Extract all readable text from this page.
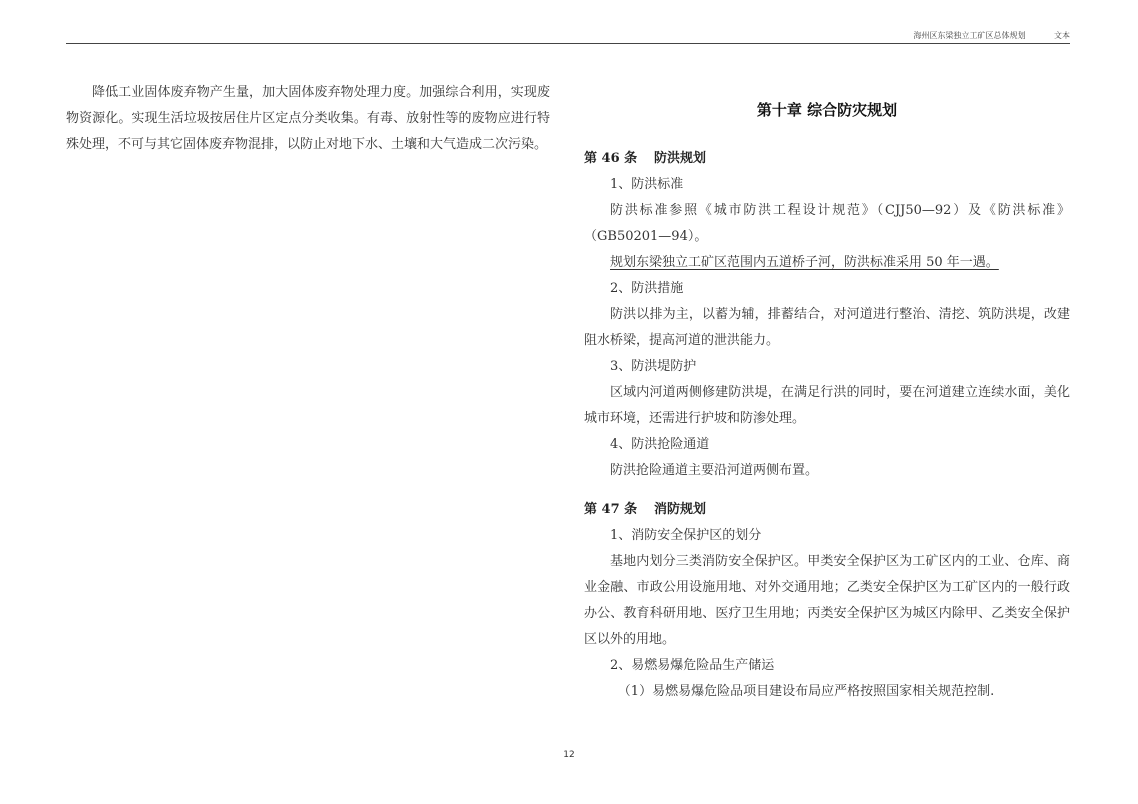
海州区东梁独立工矿区总体规划	文本

降低工业固体废弃物产生量，加大固体废弃物处理力度。加强综合利用，实现废物资源化。实现生活垃圾按居住片区定点分类收集。有毒、放射性等的废物应进行特殊处理，不可与其它固体废弃物混排，以防止对地下水、土壤和大气造成二次污染。

第十章 综合防灾规划
第 46 条 防洪规划
1、防洪标准

防洪标准参照《城市防洪工程设计规范》（CJJ50—92）及《防洪标准》（GB50201—94）。

规划东梁独立工矿区范围内五道桥子河，防洪标准采用 50 年一遇。

2、防洪措施

防洪以排为主，以蓄为辅，排蓄结合，对河道进行整治、清挖、筑防洪堤，改建阻水桥梁，提高河道的泄洪能力。

3、防洪堤防护

区域内河道两侧修建防洪堤，在满足行洪的同时，要在河道建立连续水面，美化城市环境，还需进行护坡和防渗处理。

4、防洪抢险通道

防洪抢险通道主要沿河道两侧布置。

第 47 条 消防规划
1、消防安全保护区的划分

基地内划分三类消防安全保护区。甲类安全保护区为工矿区内的工业、仓库、商业金融、市政公用设施用地、对外交通用地；乙类安全保护区为工矿区内的一般行政办公、教育科研用地、医疗卫生用地；丙类安全保护区为城区内除甲、乙类安全保护区以外的用地。

2、易燃易爆危险品生产储运
（1）易燃易爆危险品项目建设布局应严格按照国家相关规范控制.
12
